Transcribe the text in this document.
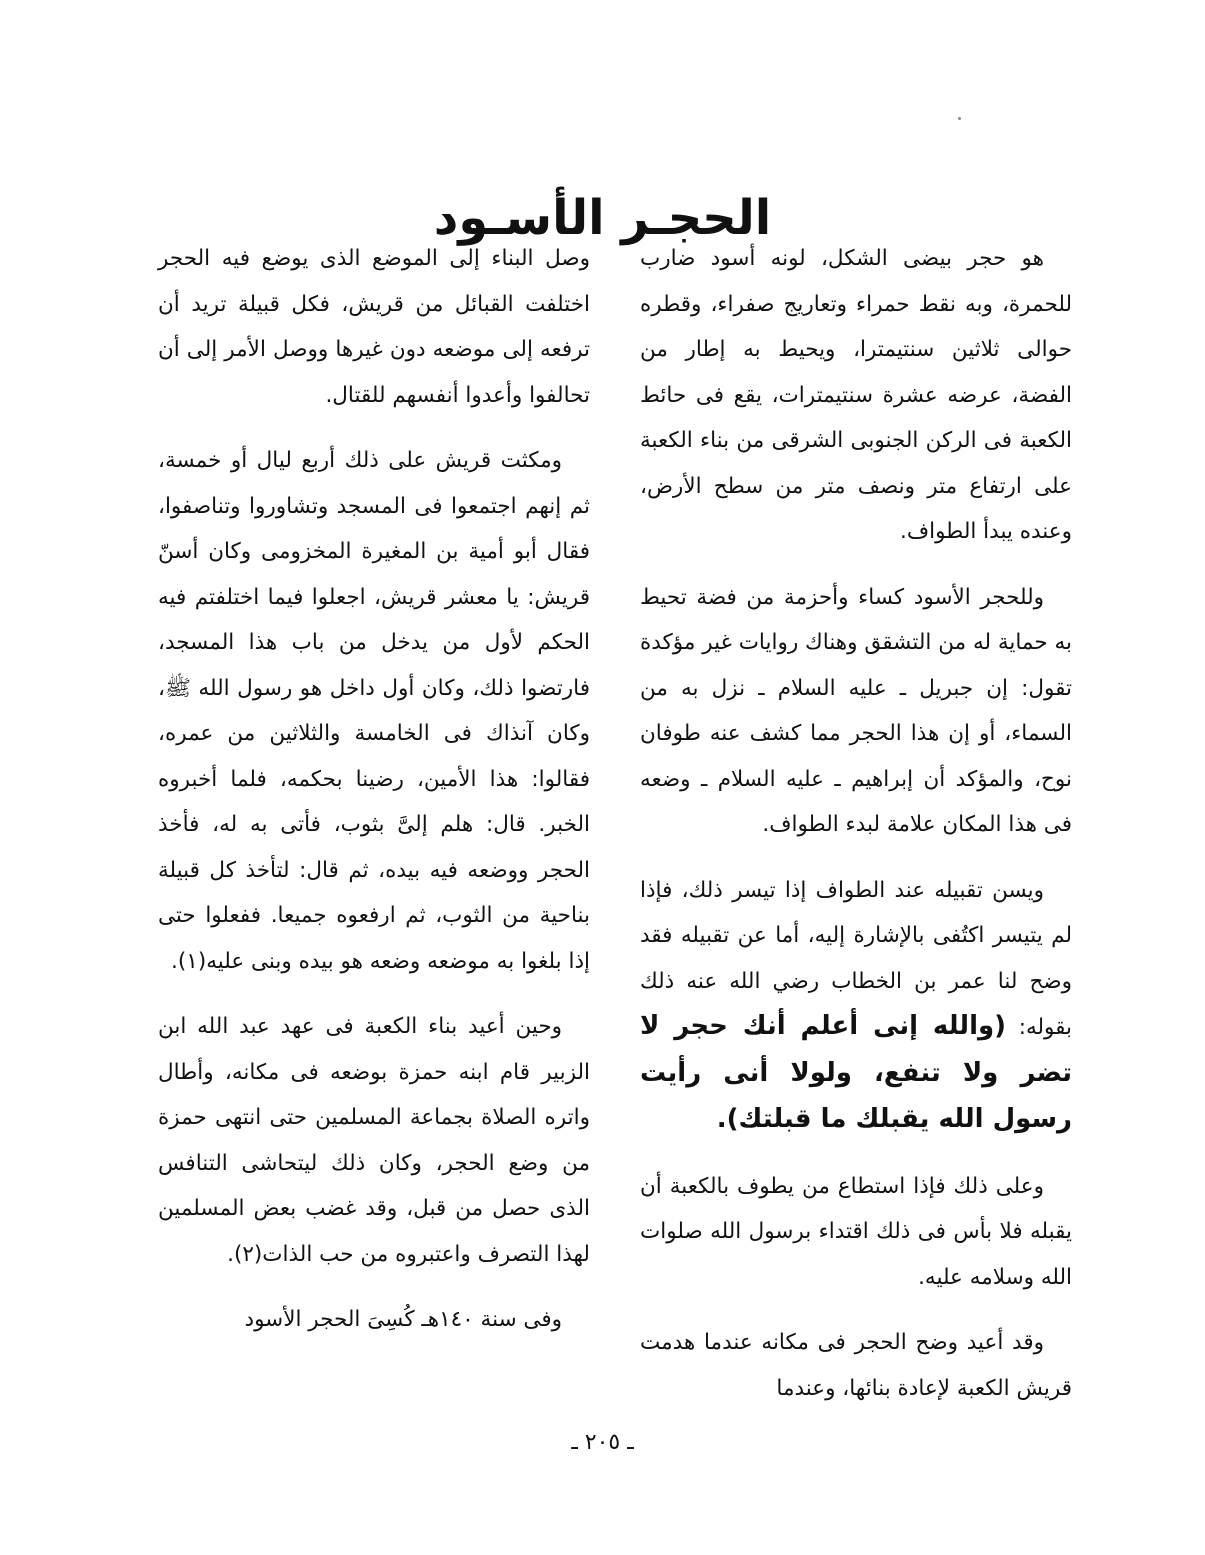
الحجـر الأسـود

هو حجر بيضى الشكل، لونه أسود ضارب للحمرة، وبه نقط حمراء وتعاريج صفراء، وقطره حوالى ثلاثين سنتيمترا، ويحيط به إطار من الفضة، عرضه عشرة سنتيمترات، يقع فى حائط الكعبة فى الركن الجنوبى الشرقى من بناء الكعبة على ارتفاع متر ونصف متر من سطح الأرض، وعنده يبدأ الطواف.

وللحجر الأسود كساء وأحزمة من فضة تحيط به حماية له من التشقق وهناك روايات غير مؤكدة تقول: إن جبريل ـ عليه السلام ـ نزل به من السماء، أو إن هذا الحجر مما كشف عنه طوفان نوح، والمؤكد أن إبراهيم ـ عليه السلام ـ وضعه فى هذا المكان علامة لبدء الطواف.

ويسن تقبيله عند الطواف إذا تيسر ذلك، فإذا لم يتيسر اكتُفى بالإشارة إليه، أما عن تقبيله فقد وضح لنا عمر بن الخطاب رضي الله عنه ذلك بقوله: (والله إنى أعلم أنك حجر لا تضر ولا تنفع، ولولا أنى رأيت رسول الله يقبلك ما قبلتك).

وعلى ذلك فإذا استطاع من يطوف بالكعبة أن يقبله فلا بأس فى ذلك اقتداء برسول الله صلوات الله وسلامه عليه.

وقد أعيد وضح الحجر فى مكانه عندما هدمت قريش الكعبة لإعادة بنائها، وعندما

وصل البناء إلى الموضع الذى يوضع فيه الحجر اختلفت القبائل من قريش، فكل قبيلة تريد أن ترفعه إلى موضعه دون غيرها ووصل الأمر إلى أن تحالفوا وأعدوا أنفسهم للقتال.

ومكثت قريش على ذلك أربع ليال أو خمسة، ثم إنهم اجتمعوا فى المسجد وتشاوروا وتناصفوا، فقال أبو أمية بن المغيرة المخزومى وكان أسنّ قريش: يا معشر قريش، اجعلوا فيما اختلفتم فيه الحكم لأول من يدخل من باب هذا المسجد، فارتضوا ذلك، وكان أول داخل هو رسول الله ﷺ، وكان آنذاك فى الخامسة والثلاثين من عمره، فقالوا: هذا الأمين، رضينا بحكمه، فلما أخبروه الخبر. قال: هلم إلىَّ بثوب، فأتى به له، فأخذ الحجر ووضعه فيه بيده، ثم قال: لتأخذ كل قبيلة بناحية من الثوب، ثم ارفعوه جميعا. ففعلوا حتى إذا بلغوا به موضعه وضعه هو بيده وبنى عليه(١).

وحين أعيد بناء الكعبة فى عهد عبد الله ابن الزبير قام ابنه حمزة بوضعه فى مكانه، وأطال واتره الصلاة بجماعة المسلمين حتى انتهى حمزة من وضع الحجر، وكان ذلك ليتحاشى التنافس الذى حصل من قبل، وقد غضب بعض المسلمين لهذا التصرف واعتبروه من حب الذات(٢).

وفى سنة ١٤٠هـ كُسِىَ الحجر الأسود

ـ ٢٠٥ ـ
